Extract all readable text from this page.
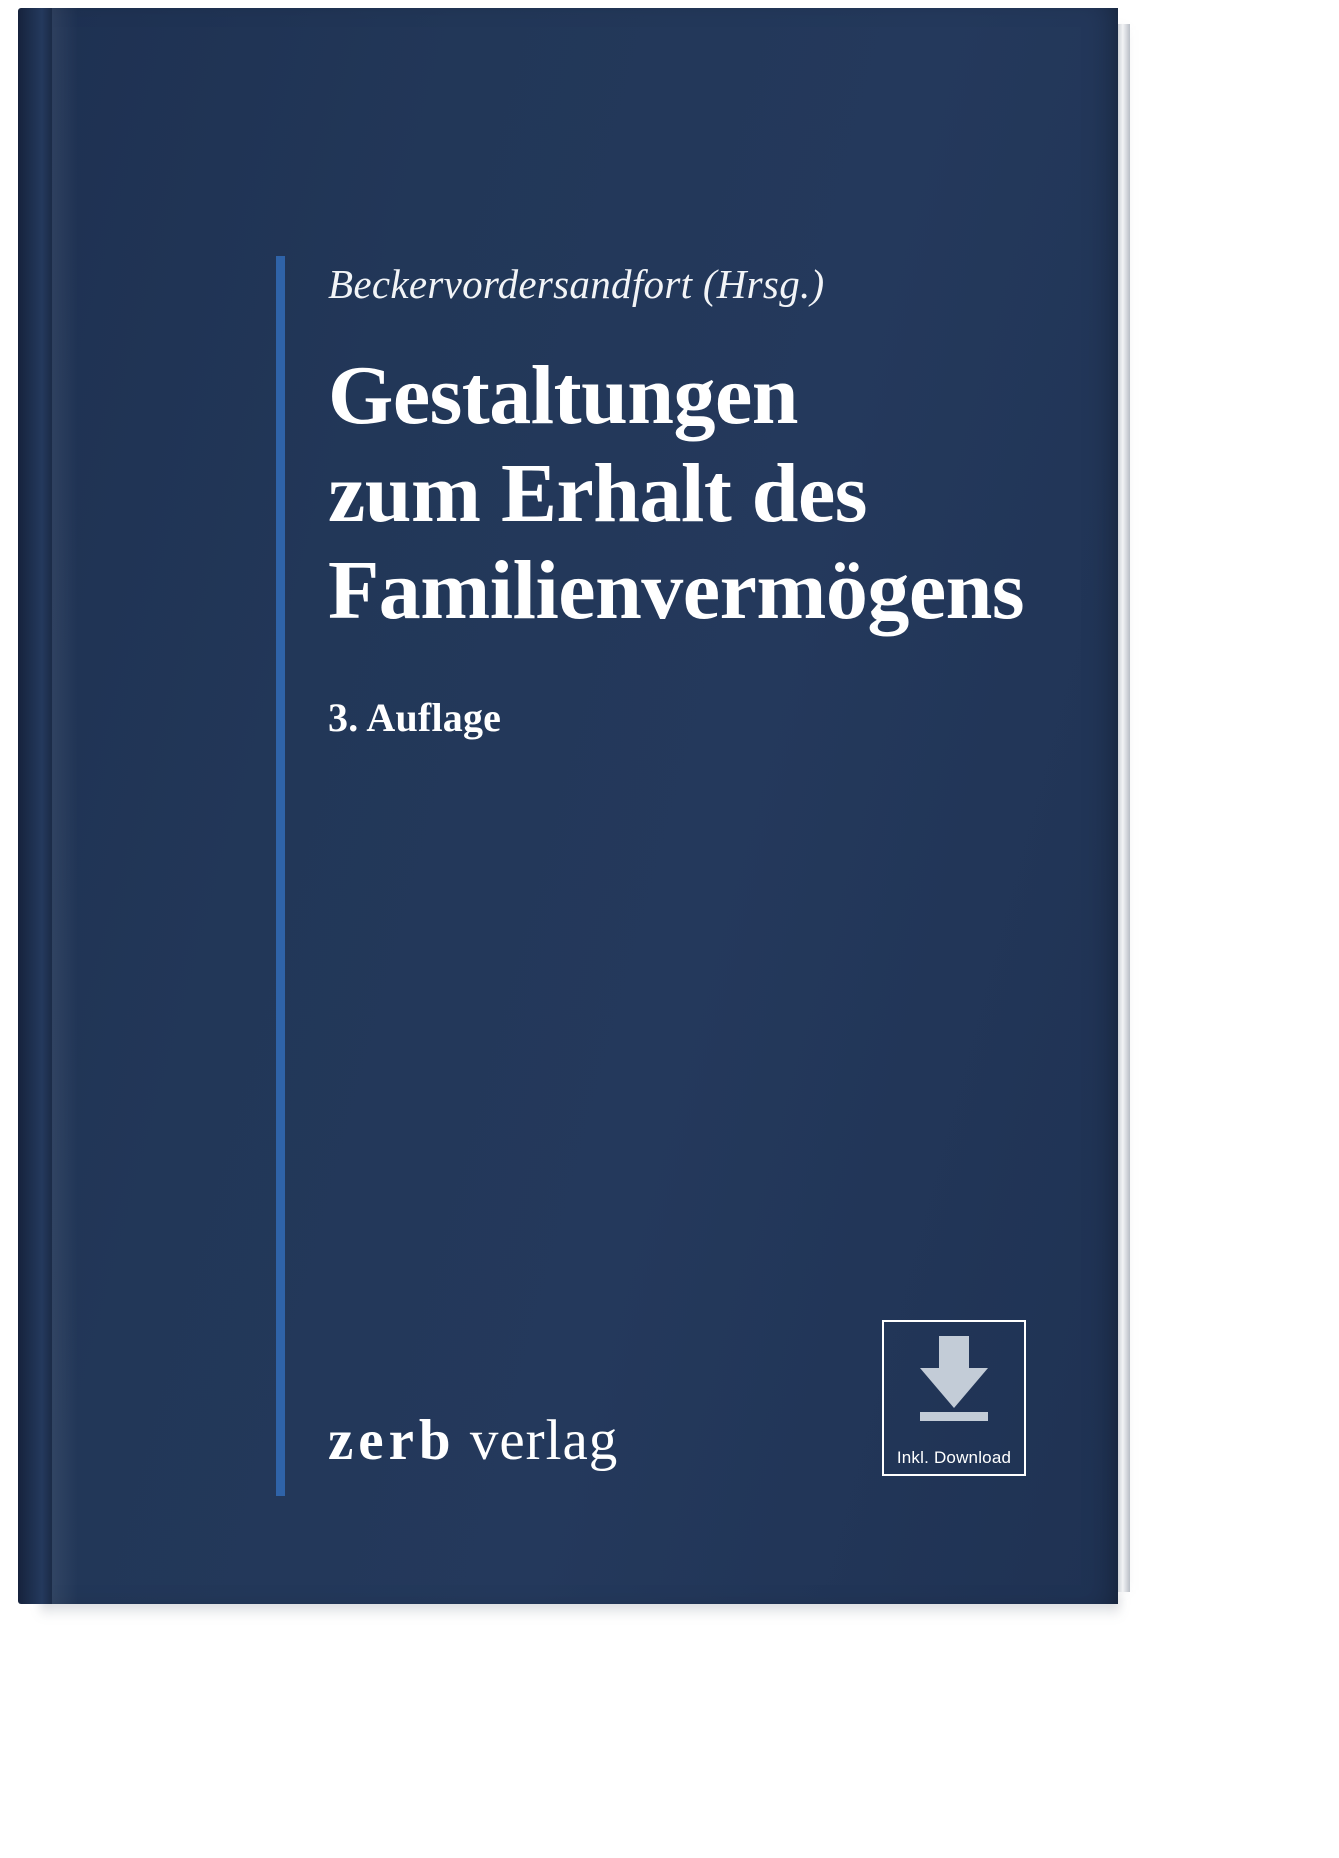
Beckervordersandfort (Hrsg.)
Gestaltungen
zum Erhalt des
Familienvermögens
3. Auflage
zerb verlag	Inkl. Download
